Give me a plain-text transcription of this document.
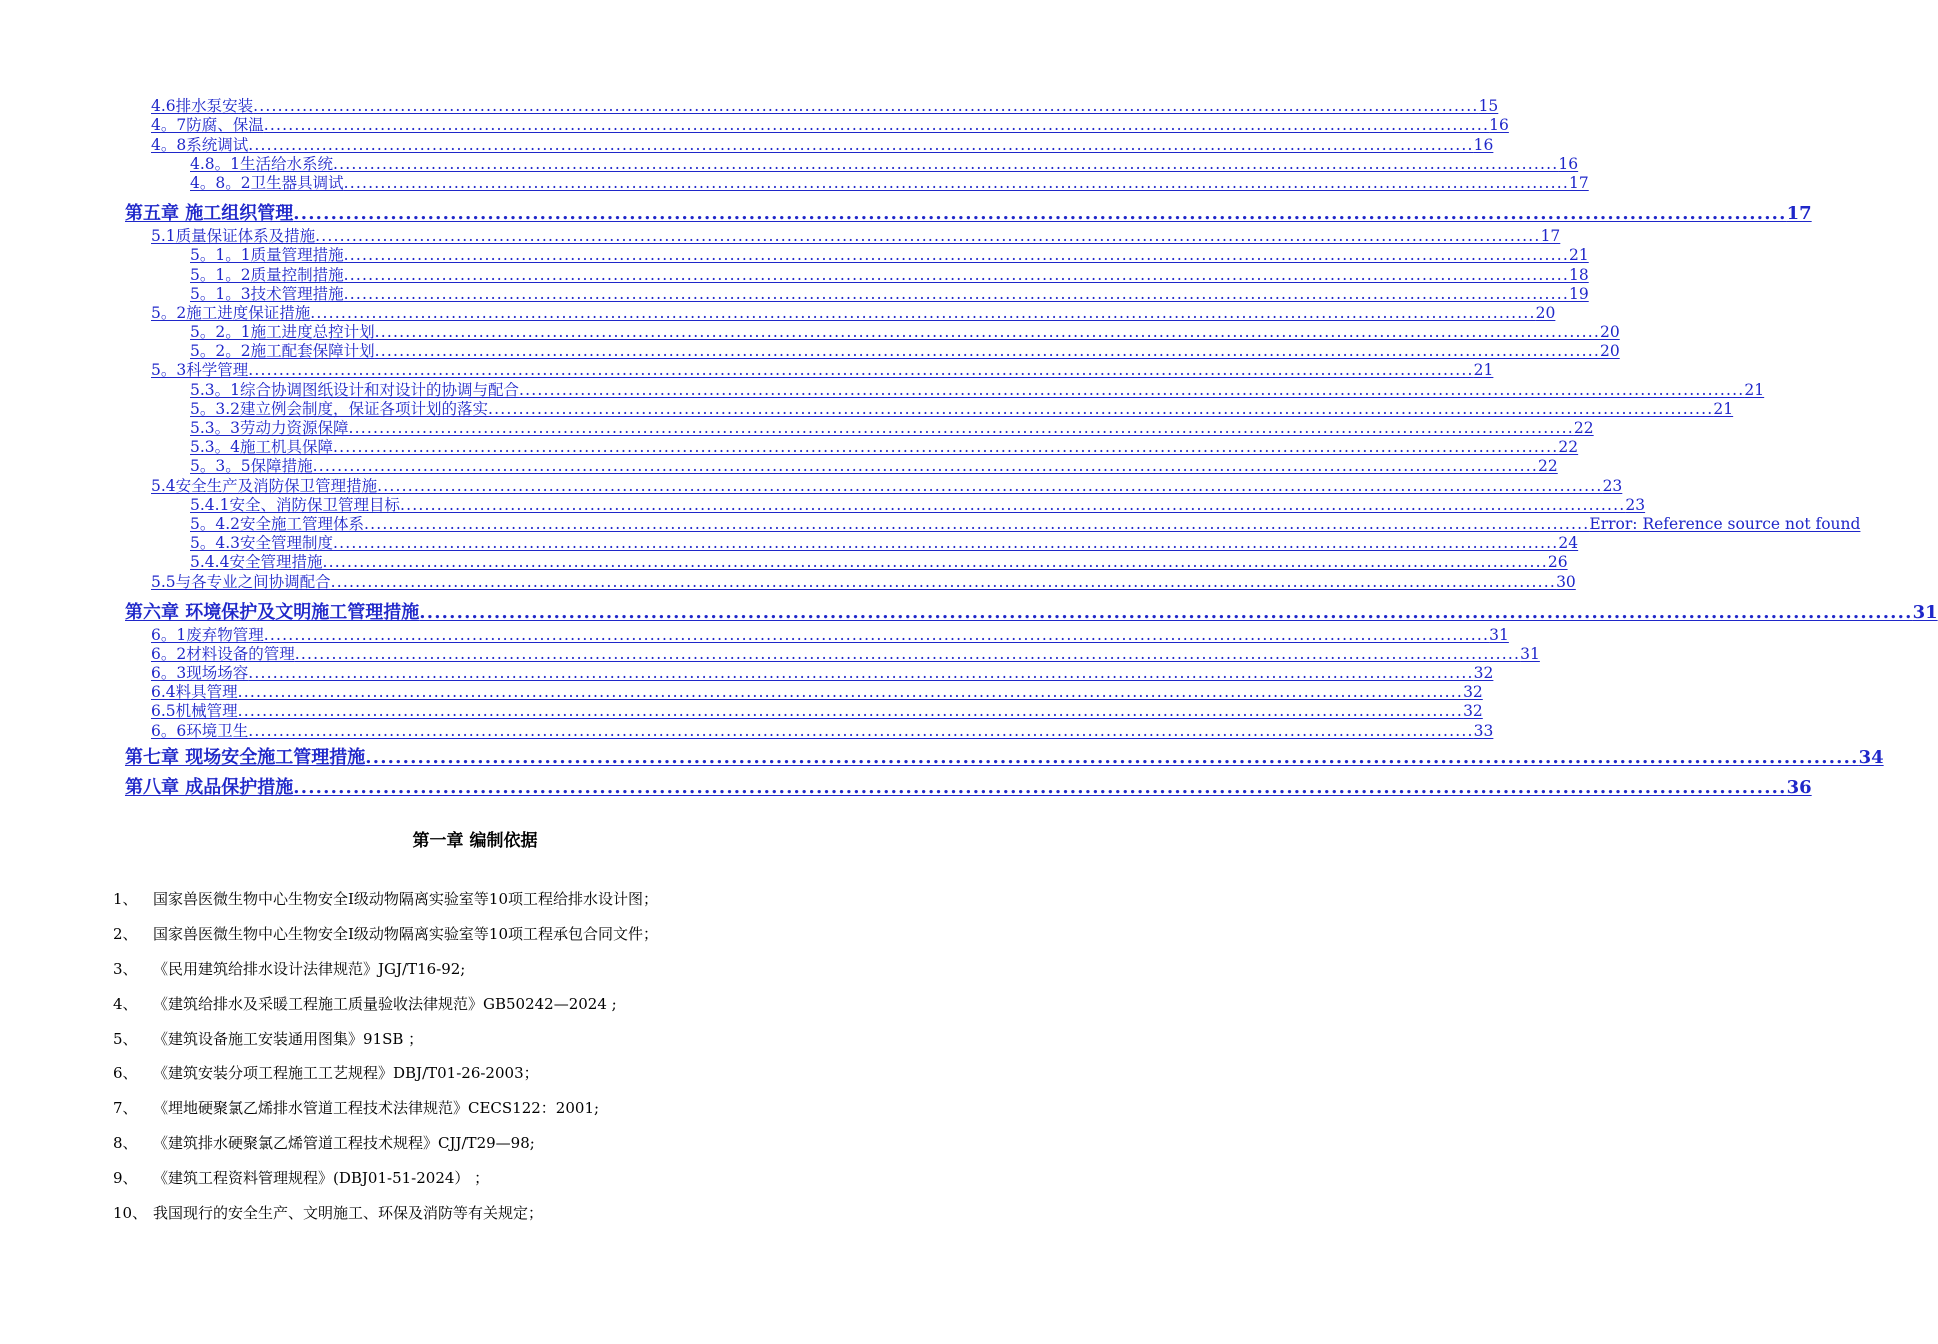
4.6排水泵安装 ........................................................................................................................................................................................................ 15
4。7防腐、保温 ........................................................................................................................................................................................................ 16
4。8系统调试 ........................................................................................................................................................................................................ 16
4.8。1生活给水系统 ........................................................................................................................................................................................................ 16
4。8。2卫生器具调试 ........................................................................................................................................................................................................ 17
第五章 施工组织管理 ........................................................................................................................................................................................................ 17
5.1质量保证体系及措施 ........................................................................................................................................................................................................ 17
5。1。1质量管理措施 ........................................................................................................................................................................................................ 21
5。1。2质量控制措施 ........................................................................................................................................................................................................ 18
5。1。3技术管理措施 ........................................................................................................................................................................................................ 19
5。2施工进度保证措施 ........................................................................................................................................................................................................ 20
5。2。1施工进度总控计划 ........................................................................................................................................................................................................ 20
5。2。2施工配套保障计划 ........................................................................................................................................................................................................ 20
5。3科学管理 ........................................................................................................................................................................................................ 21
5.3。1综合协调图纸设计和对设计的协调与配合 ........................................................................................................................................................................................................ 21
5。3.2建立例会制度，保证各项计划的落实 ........................................................................................................................................................................................................ 21
5.3。3劳动力资源保障 ........................................................................................................................................................................................................ 22
5.3。4施工机具保障 ........................................................................................................................................................................................................ 22
5。3。5保障措施 ........................................................................................................................................................................................................ 22
5.4安全生产及消防保卫管理措施 ........................................................................................................................................................................................................ 23
5.4.1安全、消防保卫管理目标 ........................................................................................................................................................................................................ 23
5。4.2安全施工管理体系 ........................................................................................................................................................................................................ Error: Reference source not found
5。4.3安全管理制度 ........................................................................................................................................................................................................ 24
5.4.4安全管理措施 ........................................................................................................................................................................................................ 26
5.5与各专业之间协调配合 ........................................................................................................................................................................................................ 30
第六章 环境保护及文明施工管理措施 ........................................................................................................................................................................................................ 31
6。1废弃物管理 ........................................................................................................................................................................................................ 31
6。2材料设备的管理 ........................................................................................................................................................................................................ 31
6。3现场场容 ........................................................................................................................................................................................................ 32
6.4料具管理 ........................................................................................................................................................................................................ 32
6.5机械管理 ........................................................................................................................................................................................................ 32
6。6环境卫生 ........................................................................................................................................................................................................ 33
第七章 现场安全施工管理措施 ........................................................................................................................................................................................................ 34
第八章 成品保护措施 ........................................................................................................................................................................................................ 36
第一章 编制依据
1、	国家兽医微生物中心生物安全Ⅰ级动物隔离实验室等10项工程给排水设计图；
2、	国家兽医微生物中心生物安全Ⅰ级动物隔离实验室等10项工程承包合同文件；
3、	《民用建筑给排水设计法律规范》JGJ/T16-92;
4、	《建筑给排水及采暖工程施工质量验收法律规范》GB50242—2024 ;
5、	《建筑设备施工安装通用图集》91SB ；
6、	《建筑安装分项工程施工工艺规程》DBJ/T01-26-2003；
7、	《埋地硬聚氯乙烯排水管道工程技术法律规范》CECS122：2001;
8、	《建筑排水硬聚氯乙烯管道工程技术规程》CJJ/T29—98;
9、	《建筑工程资料管理规程》(DBJ01-51-2024） ；
10、 我国现行的安全生产、文明施工、环保及消防等有关规定；
